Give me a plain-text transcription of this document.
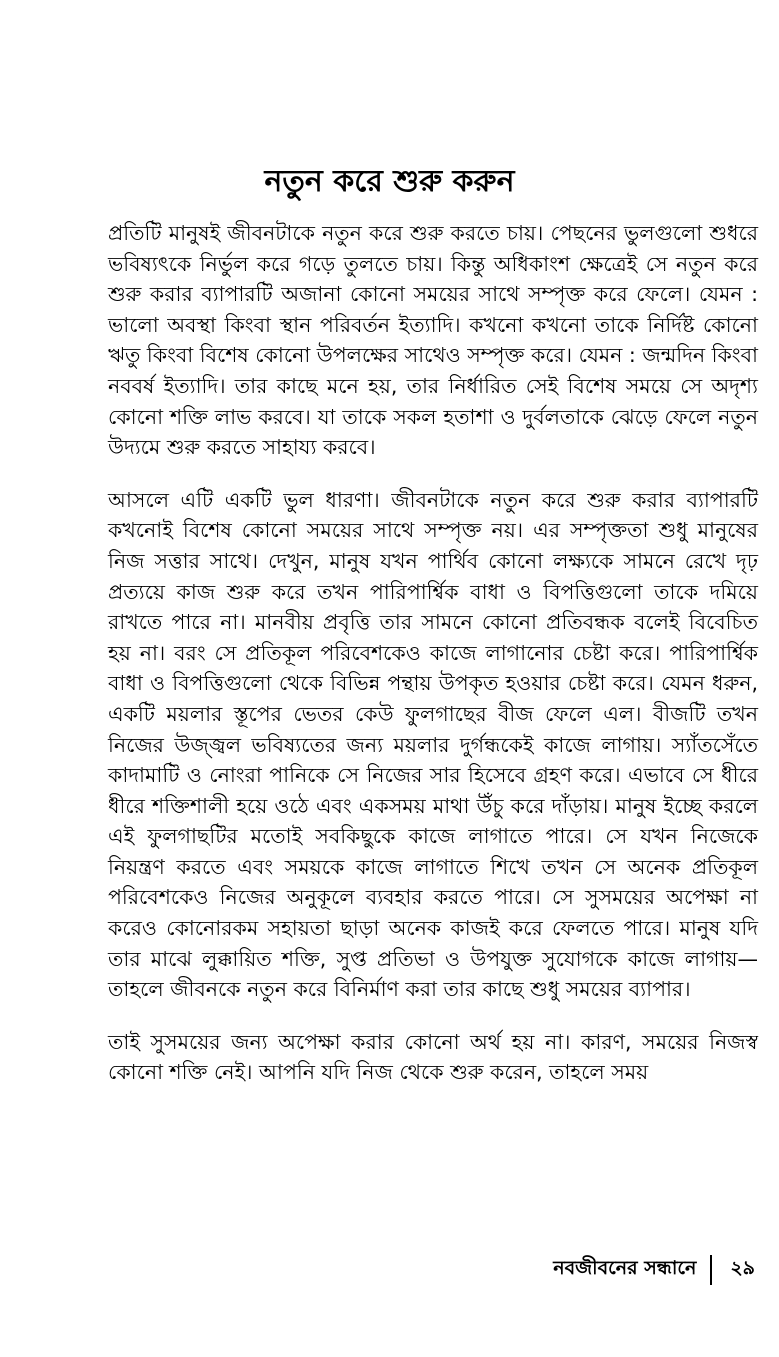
নতুন করে শুরু করুন

প্রতিটি মানুষই জীবনটাকে নতুন করে শুরু করতে চায়। পেছনের ভুলগুলো শুধরে ভবিষ্যৎকে নির্ভুল করে গড়ে তুলতে চায়। কিন্তু অধিকাংশ ক্ষেত্রেই সে নতুন করে শুরু করার ব্যাপারটি অজানা কোনো সময়ের সাথে সম্পৃক্ত করে ফেলে। যেমন : ভালো অবস্থা কিংবা স্থান পরিবর্তন ইত্যাদি। কখনো কখনো তাকে নির্দিষ্ট কোনো ঋতু কিংবা বিশেষ কোনো উপলক্ষের সাথেও সম্পৃক্ত করে। যেমন : জন্মদিন কিংবা নববর্ষ ইত্যাদি। তার কাছে মনে হয়, তার নির্ধারিত সেই বিশেষ সময়ে সে অদৃশ্য কোনো শক্তি লাভ করবে। যা তাকে সকল হতাশা ও দুর্বলতাকে ঝেড়ে ফেলে নতুন উদ্যমে শুরু করতে সাহায্য করবে।

আসলে এটি একটি ভুল ধারণা। জীবনটাকে নতুন করে শুরু করার ব্যাপারটি কখনোই বিশেষ কোনো সময়ের সাথে সম্পৃক্ত নয়। এর সম্পৃক্ততা শুধু মানুষের নিজ সত্তার সাথে। দেখুন, মানুষ যখন পার্থিব কোনো লক্ষ্যকে সামনে রেখে দৃঢ় প্রত্যয়ে কাজ শুরু করে তখন পারিপার্শ্বিক বাধা ও বিপত্তিগুলো তাকে দমিয়ে রাখতে পারে না। মানবীয় প্রবৃত্তি তার সামনে কোনো প্রতিবন্ধক বলেই বিবেচিত হয় না। বরং সে প্রতিকূল পরিবেশকেও কাজে লাগানোর চেষ্টা করে। পারিপার্শ্বিক বাধা ও বিপত্তিগুলো থেকে বিভিন্ন পন্থায় উপকৃত হওয়ার চেষ্টা করে। যেমন ধরুন, একটি ময়লার স্তূপের ভেতর কেউ ফুলগাছের বীজ ফেলে এল। বীজটি তখন নিজের উজ্জ্বল ভবিষ্যতের জন্য ময়লার দুর্গন্ধকেই কাজে লাগায়। স্যাঁতসেঁতে কাদামাটি ও নোংরা পানিকে সে নিজের সার হিসেবে গ্রহণ করে। এভাবে সে ধীরে ধীরে শক্তিশালী হয়ে ওঠে এবং একসময় মাথা উঁচু করে দাঁড়ায়। মানুষ ইচ্ছে করলে এই ফুলগাছটির মতোই সবকিছুকে কাজে লাগাতে পারে। সে যখন নিজেকে নিয়ন্ত্রণ করতে এবং সময়কে কাজে লাগাতে শিখে তখন সে অনেক প্রতিকূল পরিবেশকেও নিজের অনুকূলে ব্যবহার করতে পারে। সে সুসময়ের অপেক্ষা না করেও কোনোরকম সহায়তা ছাড়া অনেক কাজই করে ফেলতে পারে। মানুষ যদি তার মাঝে লুক্কায়িত শক্তি, সুপ্ত প্রতিভা ও উপযুক্ত সুযোগকে কাজে লাগায়—তাহলে জীবনকে নতুন করে বিনির্মাণ করা তার কাছে শুধু সময়ের ব্যাপার।

তাই সুসময়ের জন্য অপেক্ষা করার কোনো অর্থ হয় না। কারণ, সময়ের নিজস্ব কোনো শক্তি নেই। আপনি যদি নিজ থেকে শুরু করেন, তাহলে সময়

নবজীবনের সন্ধানে	২৯
